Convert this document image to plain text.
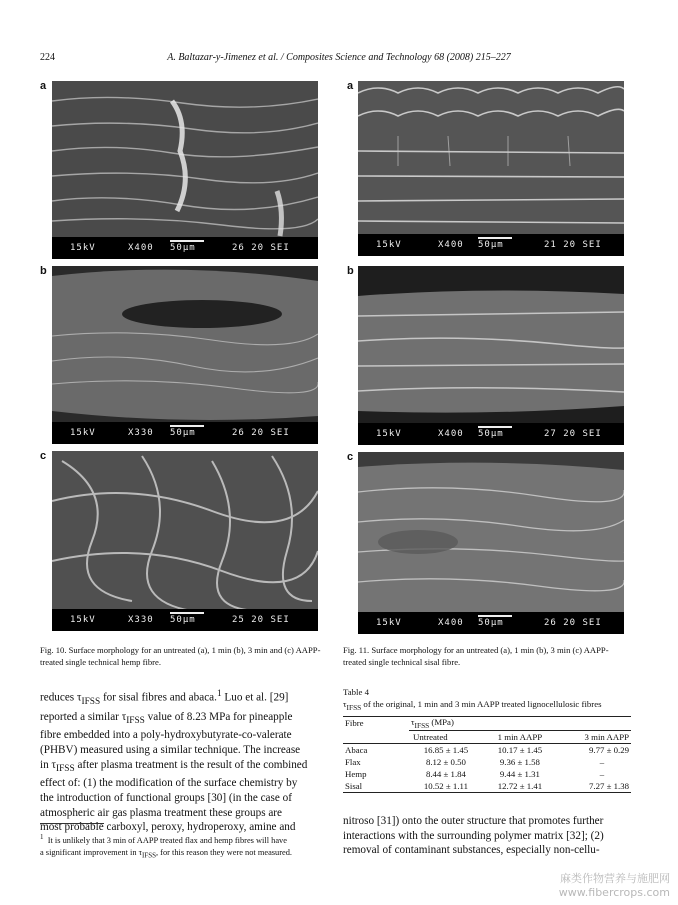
224	A. Baltazar-y-Jimenez et al. / Composites Science and Technology 68 (2008) 215–227
a
15kV	X400 50μm	26 20 SEI
b
15kV	X330 50μm	26 20 SEI
c
15kV	X330 50μm	25 20 SEI
Fig. 10. Surface morphology for an untreated (a), 1 min (b), 3 min and (c) AAPP-treated single technical hemp fibre.
a
15kV	X400 50μm	21 20 SEI
b
15kV	X400 50μm	27 20 SEI
c
15kV	X400 50μm	26 20 SEI
Fig. 11. Surface morphology for an untreated (a), 1 min (b), 3 min (c) AAPP-treated single technical sisal fibre.
reduces $\tau_{IFSS}$ for sisal fibres and abaca.$^1$ Luo et al. [29]
reported a similar $\tau_{IFSS}$ value of 8.23 MPa for pineapple
fibre embedded into a poly-hydroxybutyrate-co-valerate
(PHBV) measured using a similar technique. The increase
in $\tau_{IFSS}$ after plasma treatment is the result of the combined
effect of: (1) the modification of the surface chemistry by
the introduction of functional groups [30] (in the case of
atmospheric air gas plasma treatment these groups are
most probable carboxyl, peroxy, hydroperoxy, amine and
$^1$ It is unlikely that 3 min of AAPP treated flax and hemp fibres will have
a significant improvement in $\tau_{IFSS}$, for this reason they were not measured.
Table 4
$\tau_{IFSS}$ of the original, 1 min and 3 min AAPP treated lignocellulosic fibres
Fibre	$\tau_{IFSS}$ (MPa)		
	Untreated	1 min AAPP	3 min AAPP
Abaca	16.85 ± 1.45	10.17 ± 1.45	9.77 ± 0.29
Flax	8.12 ± 0.50	9.36 ± 1.58	–
Hemp	8.44 ± 1.84	9.44 ± 1.31	–
Sisal	10.52 ± 1.11	12.72 ± 1.41	7.27 ± 1.38
nitroso [31]) onto the outer structure that promotes further
interactions with the surrounding polymer matrix [32]; (2)
removal of contaminant substances, especially non-cellu-
麻类作物营养与施肥网
www.fibercrops.com
